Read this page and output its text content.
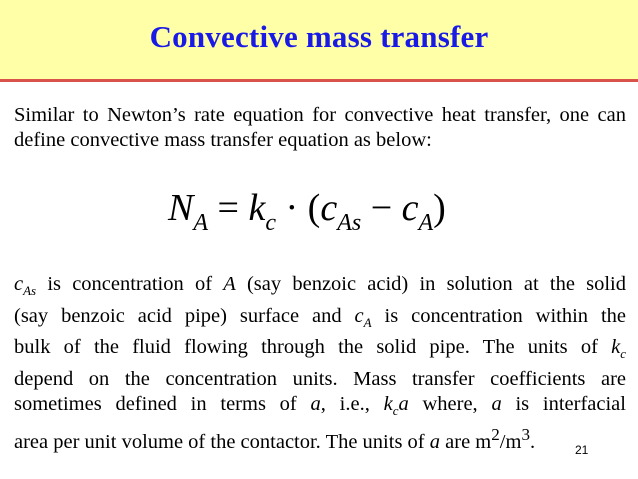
Convective mass transfer
Similar to Newton’s rate equation for convective heat transfer, one can define convective mass transfer equation as below:
$N_A = k_c \cdot (c_{As} - c_A)$
$c_{As}$ is concentration of A (say benzoic acid) in solution at the solid
(say benzoic acid pipe) surface and $c_A$ is concentration within the
bulk of the fluid flowing through the solid pipe. The units of $k_c$
depend on the concentration units. Mass transfer coefficients are
sometimes defined in terms of a, i.e., $k_ca$ where, a is interfacial
area per unit volume of the contactor. The units of a are $m^2/m^3$.	21
